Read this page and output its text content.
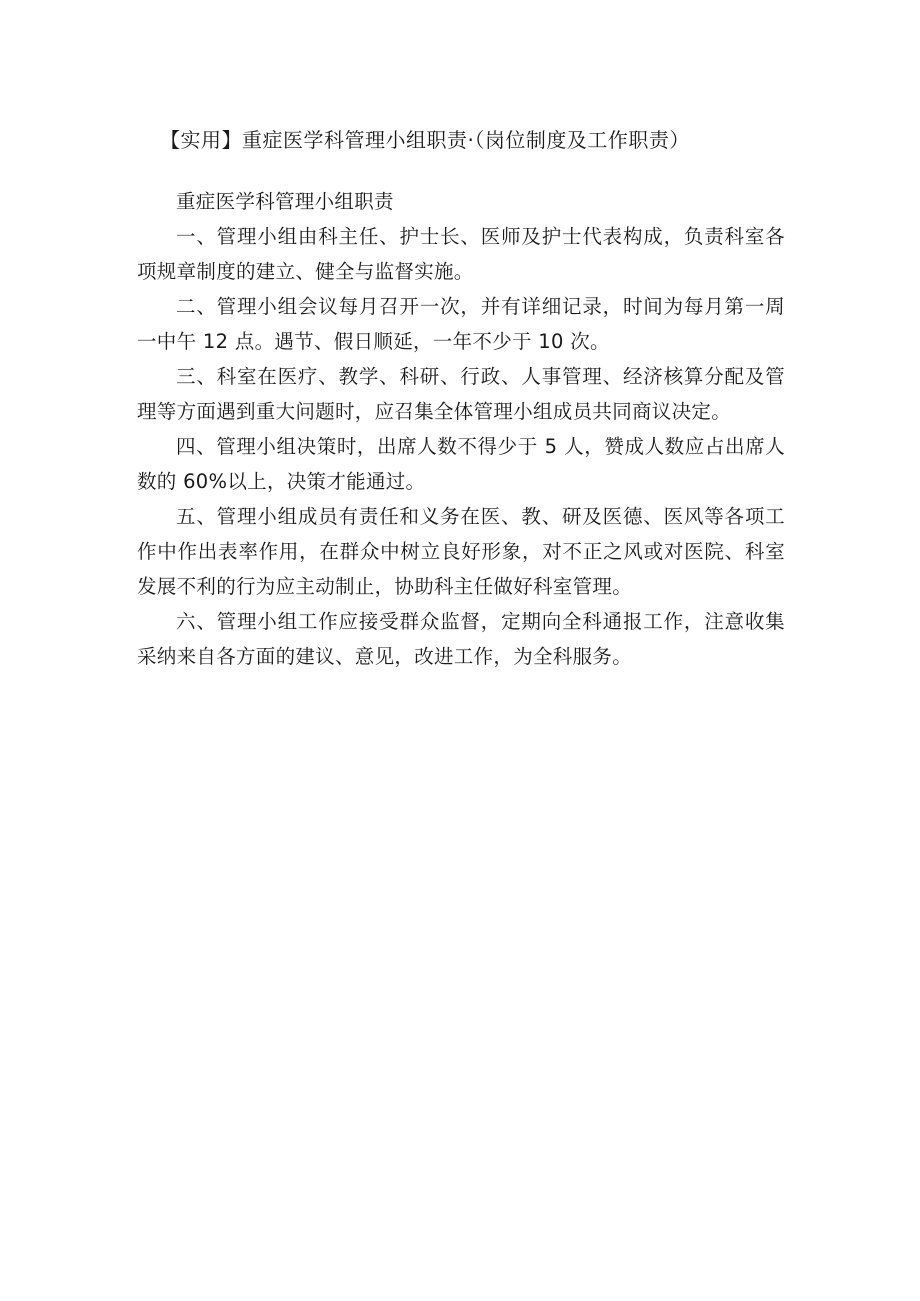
【实用】重症医学科管理小组职责·（岗位制度及工作职责）

重症医学科管理小组职责

一、管理小组由科主任、护士长、医师及护士代表构成，负责科室各项规章制度的建立、健全与监督实施。

二、管理小组会议每月召开一次，并有详细记录，时间为每月第一周一中午 12 点。遇节、假日顺延，一年不少于 10 次。

三、科室在医疗、教学、科研、行政、人事管理、经济核算分配及管理等方面遇到重大问题时，应召集全体管理小组成员共同商议决定。

四、管理小组决策时，出席人数不得少于 5 人，赞成人数应占出席人数的 60%以上，决策才能通过。

五、管理小组成员有责任和义务在医、教、研及医德、医风等各项工作中作出表率作用，在群众中树立良好形象，对不正之风或对医院、科室发展不利的行为应主动制止，协助科主任做好科室管理。

六、管理小组工作应接受群众监督，定期向全科通报工作，注意收集采纳来自各方面的建议、意见，改进工作，为全科服务。
